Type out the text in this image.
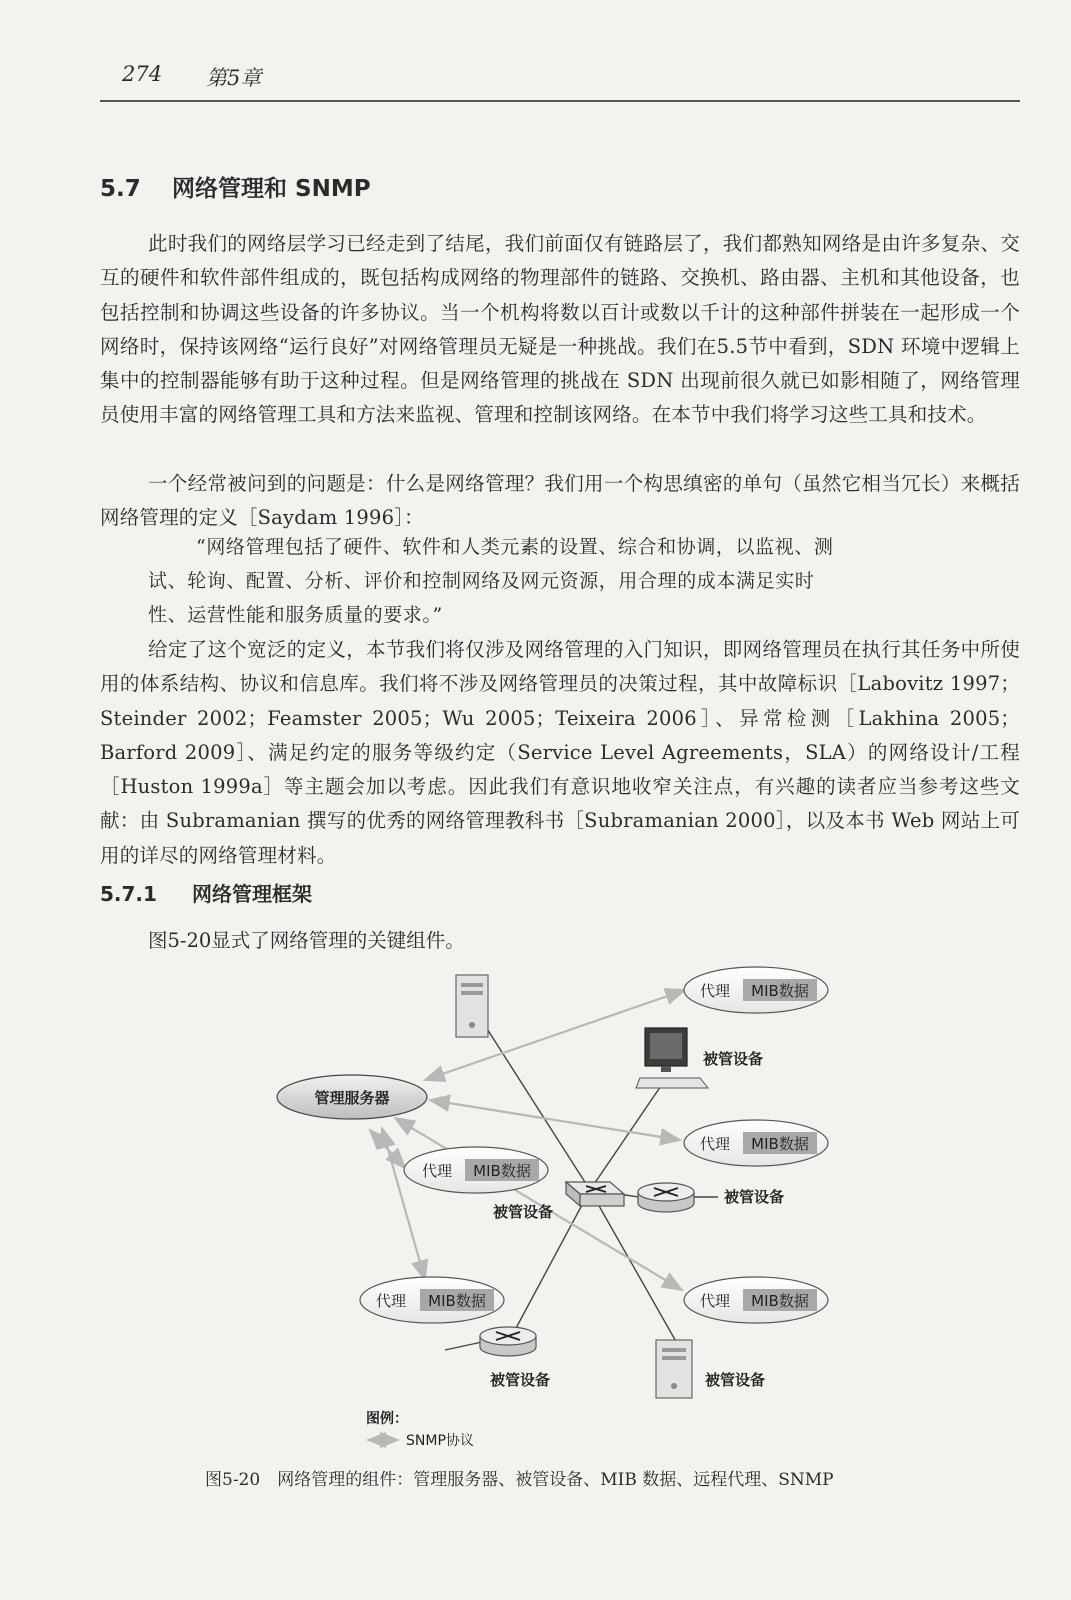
274 第5章
5.7 网络管理和 SNMP

此时我们的网络层学习已经走到了结尾，我们前面仅有链路层了，我们都熟知网络是由许多复杂、交互的硬件和软件部件组成的，既包括构成网络的物理部件的链路、交换机、路由器、主机和其他设备，也包括控制和协调这些设备的许多协议。当一个机构将数以百计或数以千计的这种部件拼装在一起形成一个网络时，保持该网络“运行良好”对网络管理员无疑是一种挑战。我们在5.5节中看到，SDN 环境中逻辑上集中的控制器能够有助于这种过程。但是网络管理的挑战在 SDN 出现前很久就已如影相随了，网络管理员使用丰富的网络管理工具和方法来监视、管理和控制该网络。在本节中我们将学习这些工具和技术。

一个经常被问到的问题是：什么是网络管理？我们用一个构思缜密的单句（虽然它相当冗长）来概括网络管理的定义［Saydam 1996］：

“网络管理包括了硬件、软件和人类元素的设置、综合和协调，以监视、测

试、轮询、配置、分析、评价和控制网络及网元资源，用合理的成本满足实时

性、运营性能和服务质量的要求。”

给定了这个宽泛的定义，本节我们将仅涉及网络管理的入门知识，即网络管理员在执行其任务中所使用的体系结构、协议和信息库。我们将不涉及网络管理员的决策过程，其中故障标识［Labovitz 1997；Steinder 2002；Feamster 2005；Wu 2005；Teixeira 2006］、异常检测［Lakhina 2005；Barford 2009］、满足约定的服务等级约定（Service Level Agreements，SLA）的网络设计/工程［Huston 1999a］等主题会加以考虑。因此我们有意识地收窄关注点，有兴趣的读者应当参考这些文献：由 Subramanian 撰写的优秀的网络管理教科书［Subramanian 2000］，以及本书 Web 网站上可用的详尽的网络管理材料。

5.7.1 网络管理框架

图5-20显式了网络管理的关键组件。

管理服务器
代理 MIB数据
代理 MIB数据
代理 MIB数据
代理 MIB数据	代理 MIB数据
被管设备
被管设备
被管设备
被管设备	被管设备
图例：
SNMP协议

图5-20　网络管理的组件：管理服务器、被管设备、MIB 数据、远程代理、SNMP
